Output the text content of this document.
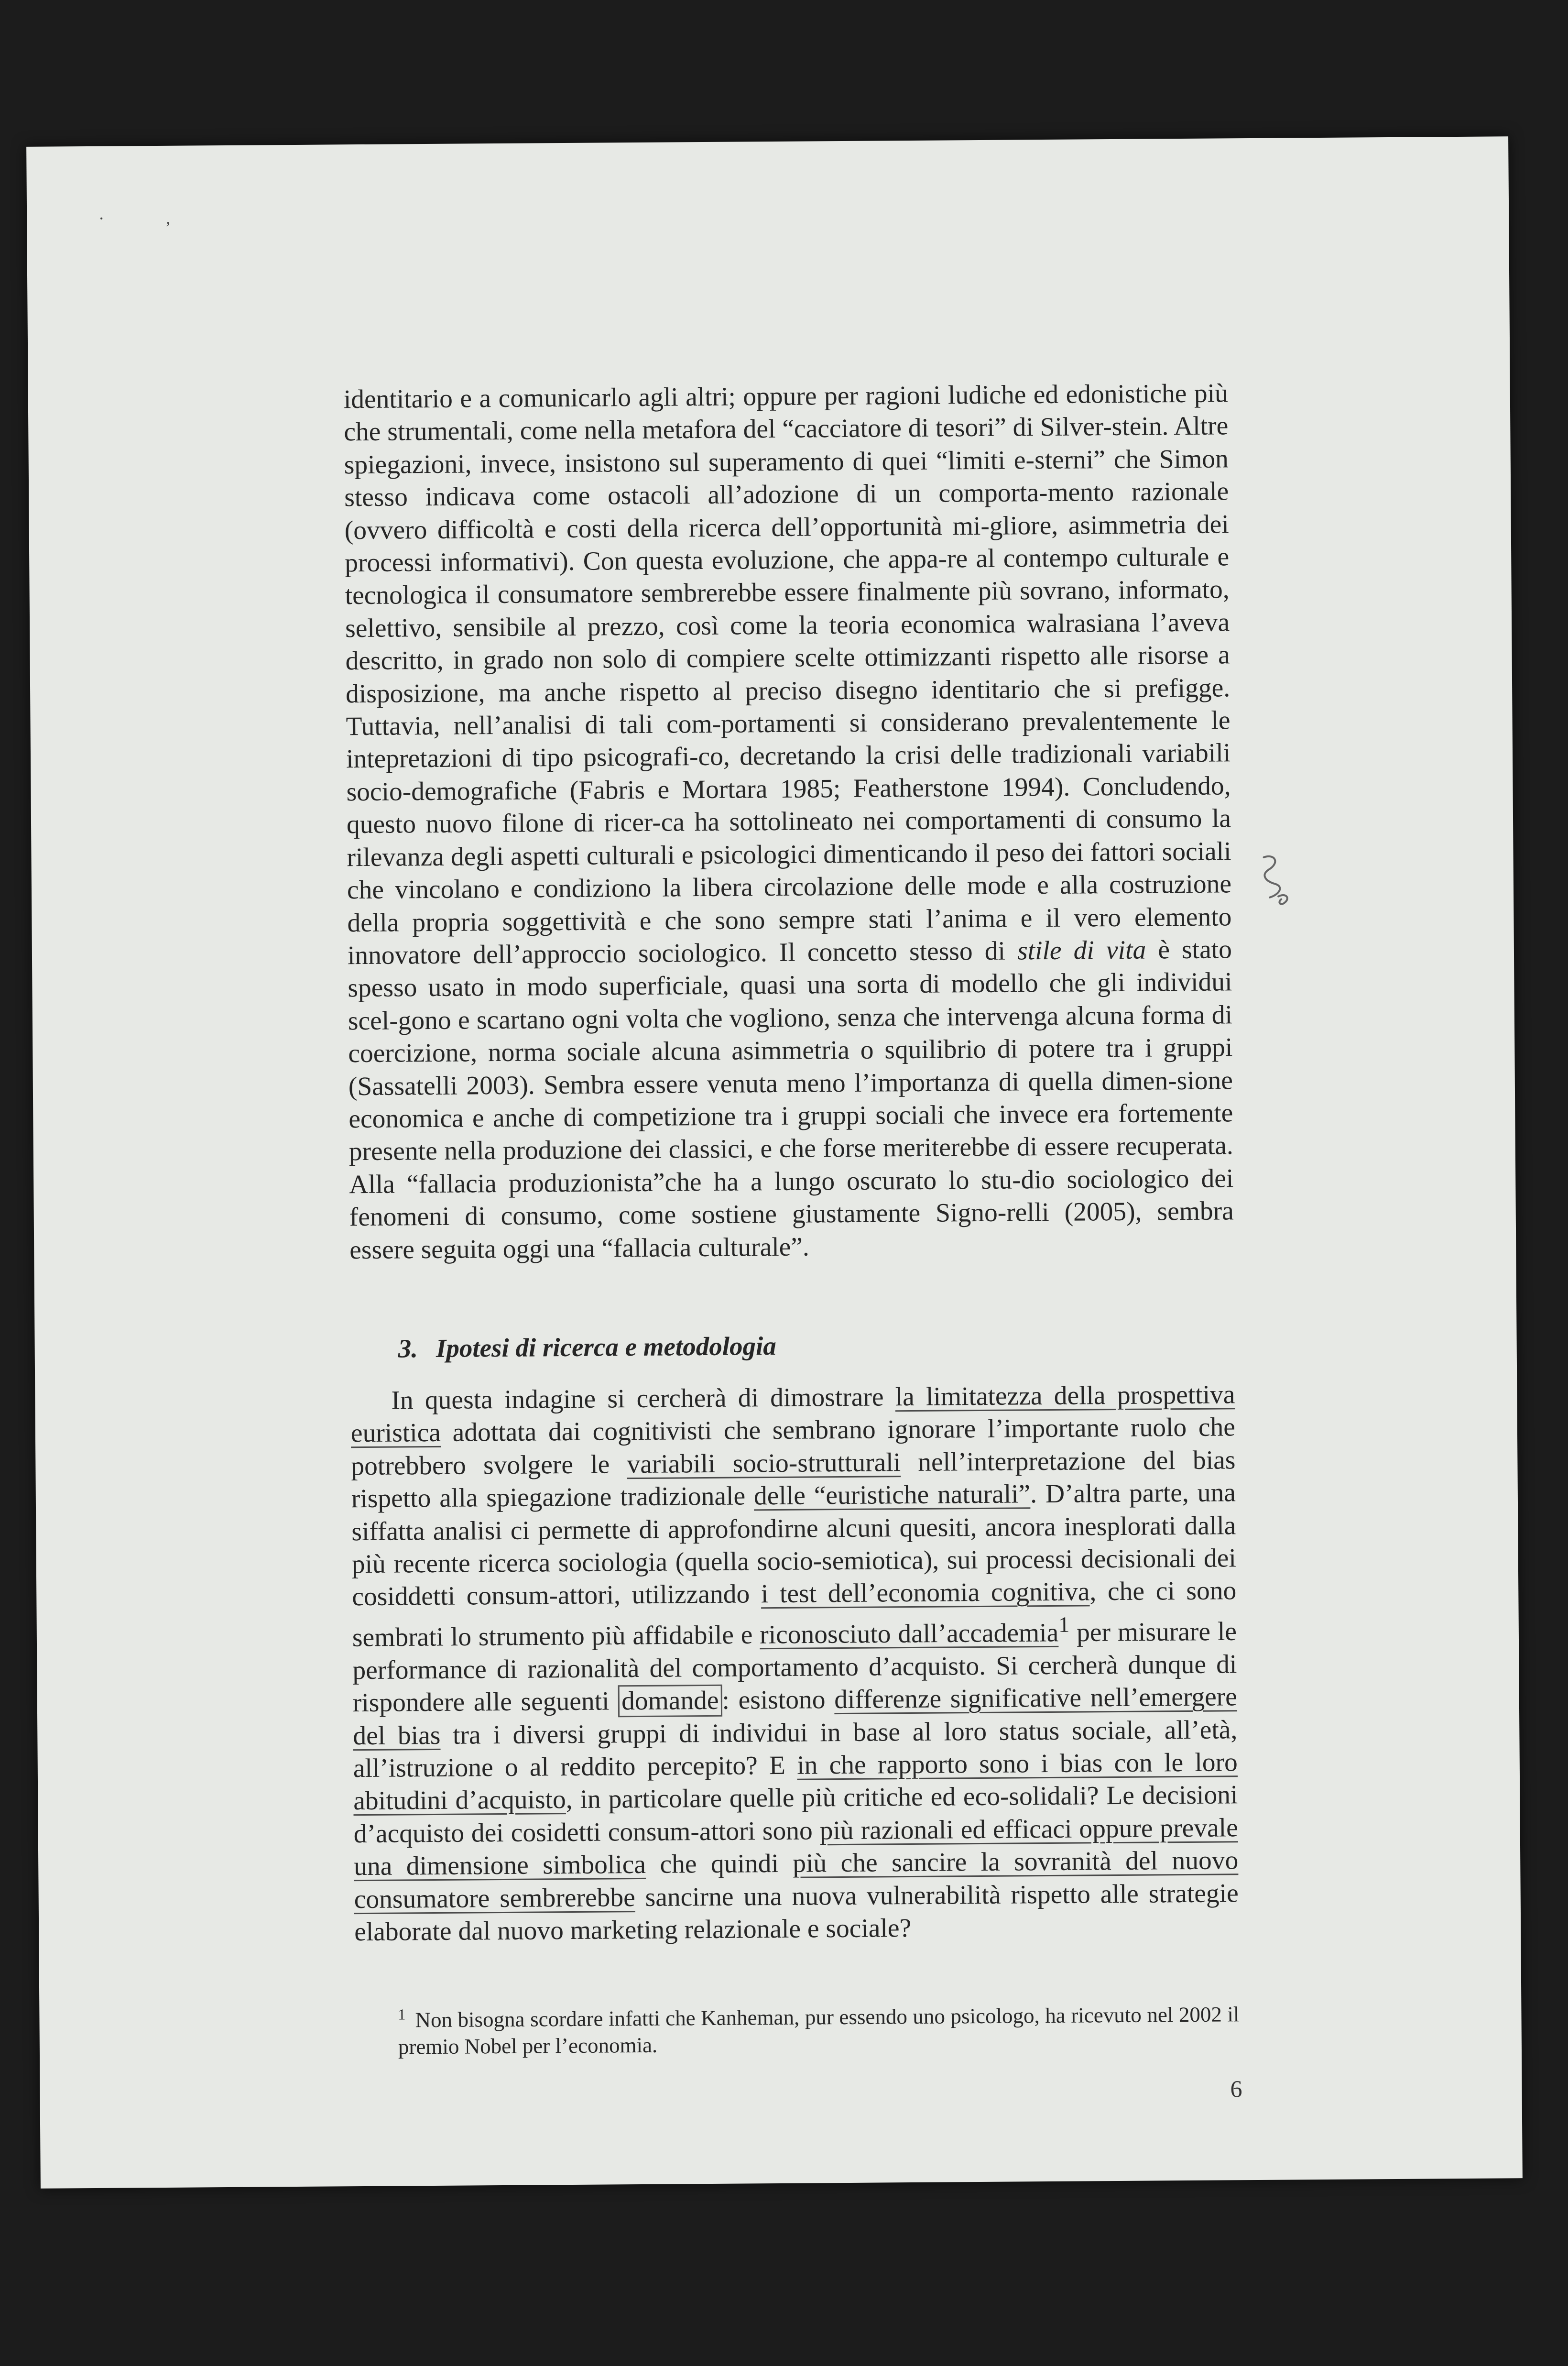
· ,

identitario e a comunicarlo agli altri; oppure per ragioni ludiche ed edonistiche più che strumentali, come nella metafora del “cacciatore di tesori” di Silver-stein. Altre spiegazioni, invece, insistono sul superamento di quei “limiti e-sterni” che Simon stesso indicava come ostacoli all’adozione di un comporta-mento razionale (ovvero difficoltà e costi della ricerca dell’opportunità mi-gliore, asimmetria dei processi informativi). Con questa evoluzione, che appa-re al contempo culturale e tecnologica il consumatore sembrerebbe essere finalmente più sovrano, informato, selettivo, sensibile al prezzo, così come la teoria economica walrasiana l’aveva descritto, in grado non solo di compiere scelte ottimizzanti rispetto alle risorse a disposizione, ma anche rispetto al preciso disegno identitario che si prefigge. Tuttavia, nell’analisi di tali com-portamenti si considerano prevalentemente le intepretazioni di tipo psicografi-co, decretando la crisi delle tradizionali variabili socio-demografiche (Fabris e Mortara 1985; Featherstone 1994). Concludendo, questo nuovo filone di ricer-ca ha sottolineato nei comportamenti di consumo la rilevanza degli aspetti culturali e psicologici dimenticando il peso dei fattori sociali che vincolano e condiziono la libera circolazione delle mode e alla costruzione della propria soggettività e che sono sempre stati l’anima e il vero elemento innovatore dell’approccio sociologico. Il concetto stesso di stile di vita è stato spesso usato in modo superficiale, quasi una sorta di modello che gli individui scel-gono e scartano ogni volta che vogliono, senza che intervenga alcuna forma di coercizione, norma sociale alcuna asimmetria o squilibrio di potere tra i gruppi (Sassatelli 2003). Sembra essere venuta meno l’importanza di quella dimen-sione economica e anche di competizione tra i gruppi sociali che invece era fortemente presente nella produzione dei classici, e che forse meriterebbe di essere recuperata. Alla “fallacia produzionista”che ha a lungo oscurato lo stu-dio sociologico dei fenomeni di consumo, come sostiene giustamente Signo-relli (2005), sembra essere seguita oggi una “fallacia culturale”.

3. Ipotesi di ricerca e metodologia

In questa indagine si cercherà di dimostrare la limitatezza della prospettiva euristica adottata dai cognitivisti che sembrano ignorare l’importante ruolo che potrebbero svolgere le variabili socio-strutturali nell’interpretazione del bias rispetto alla spiegazione tradizionale delle “euristiche naturali”. D’altra parte, una siffatta analisi ci permette di approfondirne alcuni quesiti, ancora inesplorati dalla più recente ricerca sociologia (quella socio-semiotica), sui processi decisionali dei cosiddetti consum-attori, utilizzando i test dell’economia cognitiva, che ci sono sembrati lo strumento più affidabile e riconosciuto dall’accademia$^1$ per misurare le performance di razionalità del comportamento d’acquisto. Si cercherà dunque di rispondere alle seguenti domande : esistono differenze significative nell’emergere del bias tra i diversi gruppi di individui in base al loro status sociale, all’età, all’istruzione o al reddito percepito? E in che rapporto sono i bias con le loro abitudini d’acquisto, in particolare quelle più critiche ed eco-solidali? Le decisioni d’acquisto dei cosidetti consum-attori sono più razionali ed efficaci oppure prevale una dimensione simbolica che quindi più che sancire la sovranità del nuovo consumatore sembrerebbe sancirne una nuova vulnerabilità rispetto alle strategie elaborate dal nuovo marketing relazionale e sociale?

$^1$ Non bisogna scordare infatti che Kanheman, pur essendo uno psicologo, ha ricevuto nel 2002 il premio Nobel per l’economia.

6
